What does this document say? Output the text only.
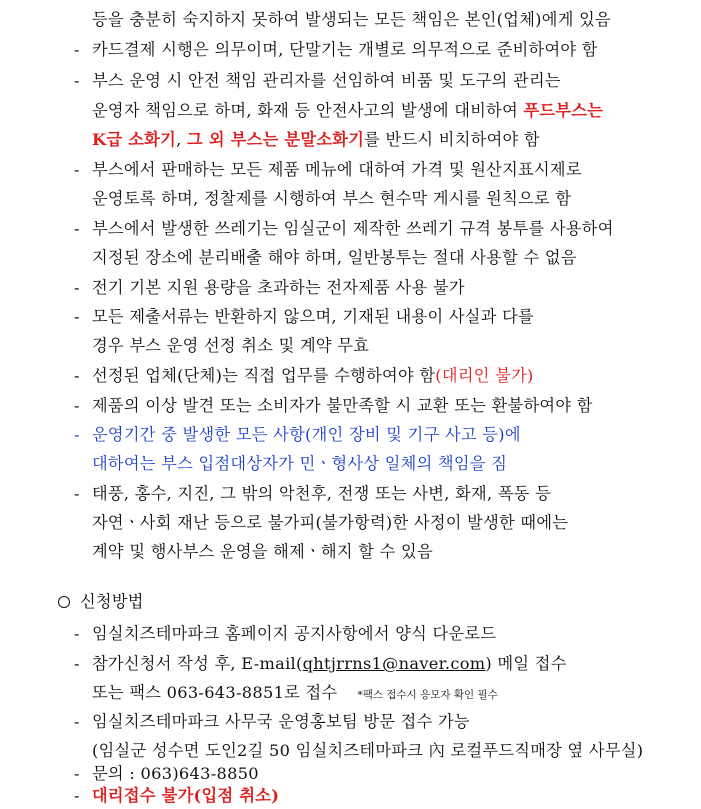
등을 충분히 숙지하지 못하여 발생되는 모든 책임은 본인(업체)에게 있음
- 카드결제 시행은 의무이며, 단말기는 개별로 의무적으로 준비하여야 함
- 부스 운영 시 안전 책임 관리자를 선임하여 비품 및 도구의 관리는
운영자 책임으로 하며, 화재 등 안전사고의 발생에 대비하여 푸드부스는
K급 소화기, 그 외 부스는 분말소화기를 반드시 비치하여야 함
- 부스에서 판매하는 모든 제품 메뉴에 대하여 가격 및 원산지표시제로
운영토록 하며, 정찰제를 시행하여 부스 현수막 게시를 원칙으로 함
- 부스에서 발생한 쓰레기는 임실군이 제작한 쓰레기 규격 봉투를 사용하여
지정된 장소에 분리배출 해야 하며, 일반봉투는 절대 사용할 수 없음
- 전기 기본 지원 용량을 초과하는 전자제품 사용 불가
- 모든 제출서류는 반환하지 않으며, 기재된 내용이 사실과 다를
경우 부스 운영 선정 취소 및 계약 무효
- 선정된 업체(단체)는 직접 업무를 수행하여야 함(대리인 불가)
- 제품의 이상 발견 또는 소비자가 불만족할 시 교환 또는 환불하여야 함
- 운영기간 중 발생한 모든 사항(개인 장비 및 기구 사고 등)에
대하여는 부스 입점대상자가 민ㆍ형사상 일체의 책임을 짐
- 태풍, 홍수, 지진, 그 밖의 악천후, 전쟁 또는 사변, 화재, 폭동 등
자연ㆍ사회 재난 등으로 불가피(불가항력)한 사정이 발생한 때에는
계약 및 행사부스 운영을 해제ㆍ해지 할 수 있음
신청방법
- 임실치즈테마파크 홈페이지 공지사항에서 양식 다운로드
- 참가신청서 작성 후, E-mail(qhtjrrns1@naver.com) 메일 접수
또는 팩스 063-643-8851로 접수 *팩스 접수시 응모자 확인 필수
- 임실치즈테마파크 사무국 운영홍보팀 방문 접수 가능
(임실군 성수면 도인2길 50 임실치즈테마파크 內 로컬푸드직매장 옆 사무실)
- 문의 : 063)643-8850
- 대리접수 불가(입점 취소)
